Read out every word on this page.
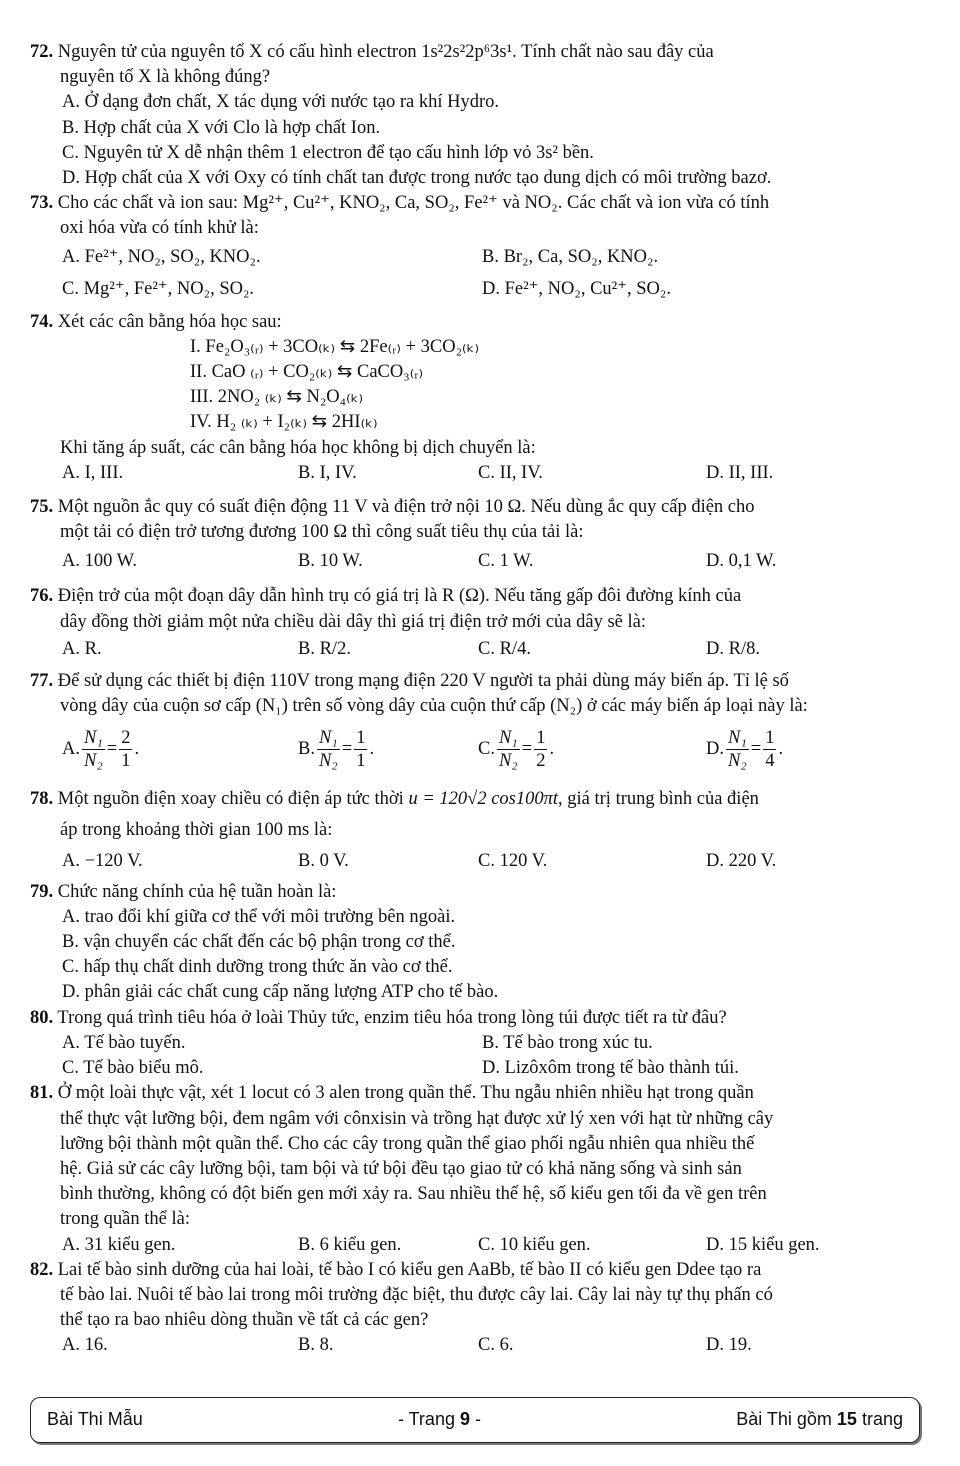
72. Nguyên tử của nguyên tố X có cấu hình electron 1s²2s²2p⁶3s¹. Tính chất nào sau đây của
nguyên tố X là không đúng?
A. Ở dạng đơn chất, X tác dụng với nước tạo ra khí Hydro.
B. Hợp chất của X với Clo là hợp chất Ion.
C. Nguyên tử X dễ nhận thêm 1 electron để tạo cấu hình lớp vỏ 3s² bền.
D. Hợp chất của X với Oxy có tính chất tan được trong nước tạo dung dịch có môi trường bazơ.
73. Cho các chất và ion sau: Mg²⁺, Cu²⁺, KNO₂, Ca, SO₂, Fe²⁺ và NO₂. Các chất và ion vừa có tính
oxi hóa vừa có tính khử là:
A. Fe²⁺, NO₂, SO₂, KNO₂.	B. Br₂, Ca, SO₂, KNO₂.
C. Mg²⁺, Fe²⁺, NO₂, SO₂.	D. Fe²⁺, NO₂, Cu²⁺, SO₂.
74. Xét các cân bằng hóa học sau:
I. Fe₂O₃₍ᵣ₎ + 3CO₍ₖ₎ ⇆ 2Fe₍ᵣ₎ + 3CO₂₍ₖ₎
II. CaO ₍ᵣ₎ + CO₂₍ₖ₎ ⇆ CaCO₃₍ᵣ₎
III. 2NO₂ ₍ₖ₎ ⇆ N₂O₄₍ₖ₎
IV. H₂ ₍ₖ₎ + I₂₍ₖ₎ ⇆ 2HI₍ₖ₎
Khi tăng áp suất, các cân bằng hóa học không bị dịch chuyển là:
A. I, III.	B. I, IV.	C. II, IV.	D. II, III.
75. Một nguồn ắc quy có suất điện động 11 V và điện trở nội 10 Ω. Nếu dùng ắc quy cấp điện cho
một tải có điện trở tương đương 100 Ω thì công suất tiêu thụ của tải là:
A. 100 W.	B. 10 W.	C. 1 W.	D. 0,1 W.
76. Điện trở của một đoạn dây dẫn hình trụ có giá trị là R (Ω). Nếu tăng gấp đôi đường kính của
dây đồng thời giảm một nửa chiều dài dây thì giá trị điện trở mới của dây sẽ là:
A. R.	B. R/2.	C. R/4.	D. R/8.
77. Để sử dụng các thiết bị điện 110V trong mạng điện 220 V người ta phải dùng máy biến áp. Tỉ lệ số
vòng dây của cuộn sơ cấp (N₁) trên số vòng dây của cuộn thứ cấp (N₂) ở các máy biến áp loại này là:
A. $\frac{\text{N₁}}{\text{N₂}} = \frac{2}{1}$ .	B. $\frac{\text{N₁}}{\text{N₂}} = \frac{1}{1}$ .	C. $\frac{\text{N₁}}{\text{N₂}} = \frac{1}{2}$ .	D. $\frac{\text{N₁}}{\text{N₂}} = \frac{1}{4}$ .
78. Một nguồn điện xoay chiều có điện áp tức thời u = 120√2 cos100πt, giá trị trung bình của điện
áp trong khoảng thời gian 100 ms là:
A. −120 V.	B. 0 V.	C. 120 V.	D. 220 V.
79. Chức năng chính của hệ tuần hoàn là:
A. trao đổi khí giữa cơ thể với môi trường bên ngoài.
B. vận chuyển các chất đến các bộ phận trong cơ thể.
C. hấp thụ chất dinh dưỡng trong thức ăn vào cơ thể.
D. phân giải các chất cung cấp năng lượng ATP cho tế bào.
80. Trong quá trình tiêu hóa ở loài Thủy tức, enzim tiêu hóa trong lòng túi được tiết ra từ đâu?
A. Tế bào tuyến.	B. Tế bào trong xúc tu.
C. Tế bào biểu mô.	D. Lizôxôm trong tế bào thành túi.
81. Ở một loài thực vật, xét 1 locut có 3 alen trong quần thể. Thu ngẫu nhiên nhiều hạt trong quần
thể thực vật lưỡng bội, đem ngâm với cônxisin và trồng hạt được xử lý xen với hạt từ những cây
lưỡng bội thành một quần thể. Cho các cây trong quần thể giao phối ngẫu nhiên qua nhiều thế
hệ. Giả sử các cây lưỡng bội, tam bội và tứ bội đều tạo giao tử có khả năng sống và sinh sản
bình thường, không có đột biến gen mới xảy ra. Sau nhiều thế hệ, số kiểu gen tối đa về gen trên
trong quần thể là:
A. 31 kiểu gen.	B. 6 kiểu gen.	C. 10 kiểu gen.	D. 15 kiểu gen.
82. Lai tế bào sinh dưỡng của hai loài, tế bào I có kiểu gen AaBb, tế bào II có kiểu gen Ddee tạo ra
tế bào lai. Nuôi tế bào lai trong môi trường đặc biệt, thu được cây lai. Cây lai này tự thụ phấn có
thể tạo ra bao nhiêu dòng thuần về tất cả các gen?
A. 16.	B. 8.	C. 6.	D. 19.
Bài Thi Mẫu	- Trang 9 -	Bài Thi gồm 15 trang
